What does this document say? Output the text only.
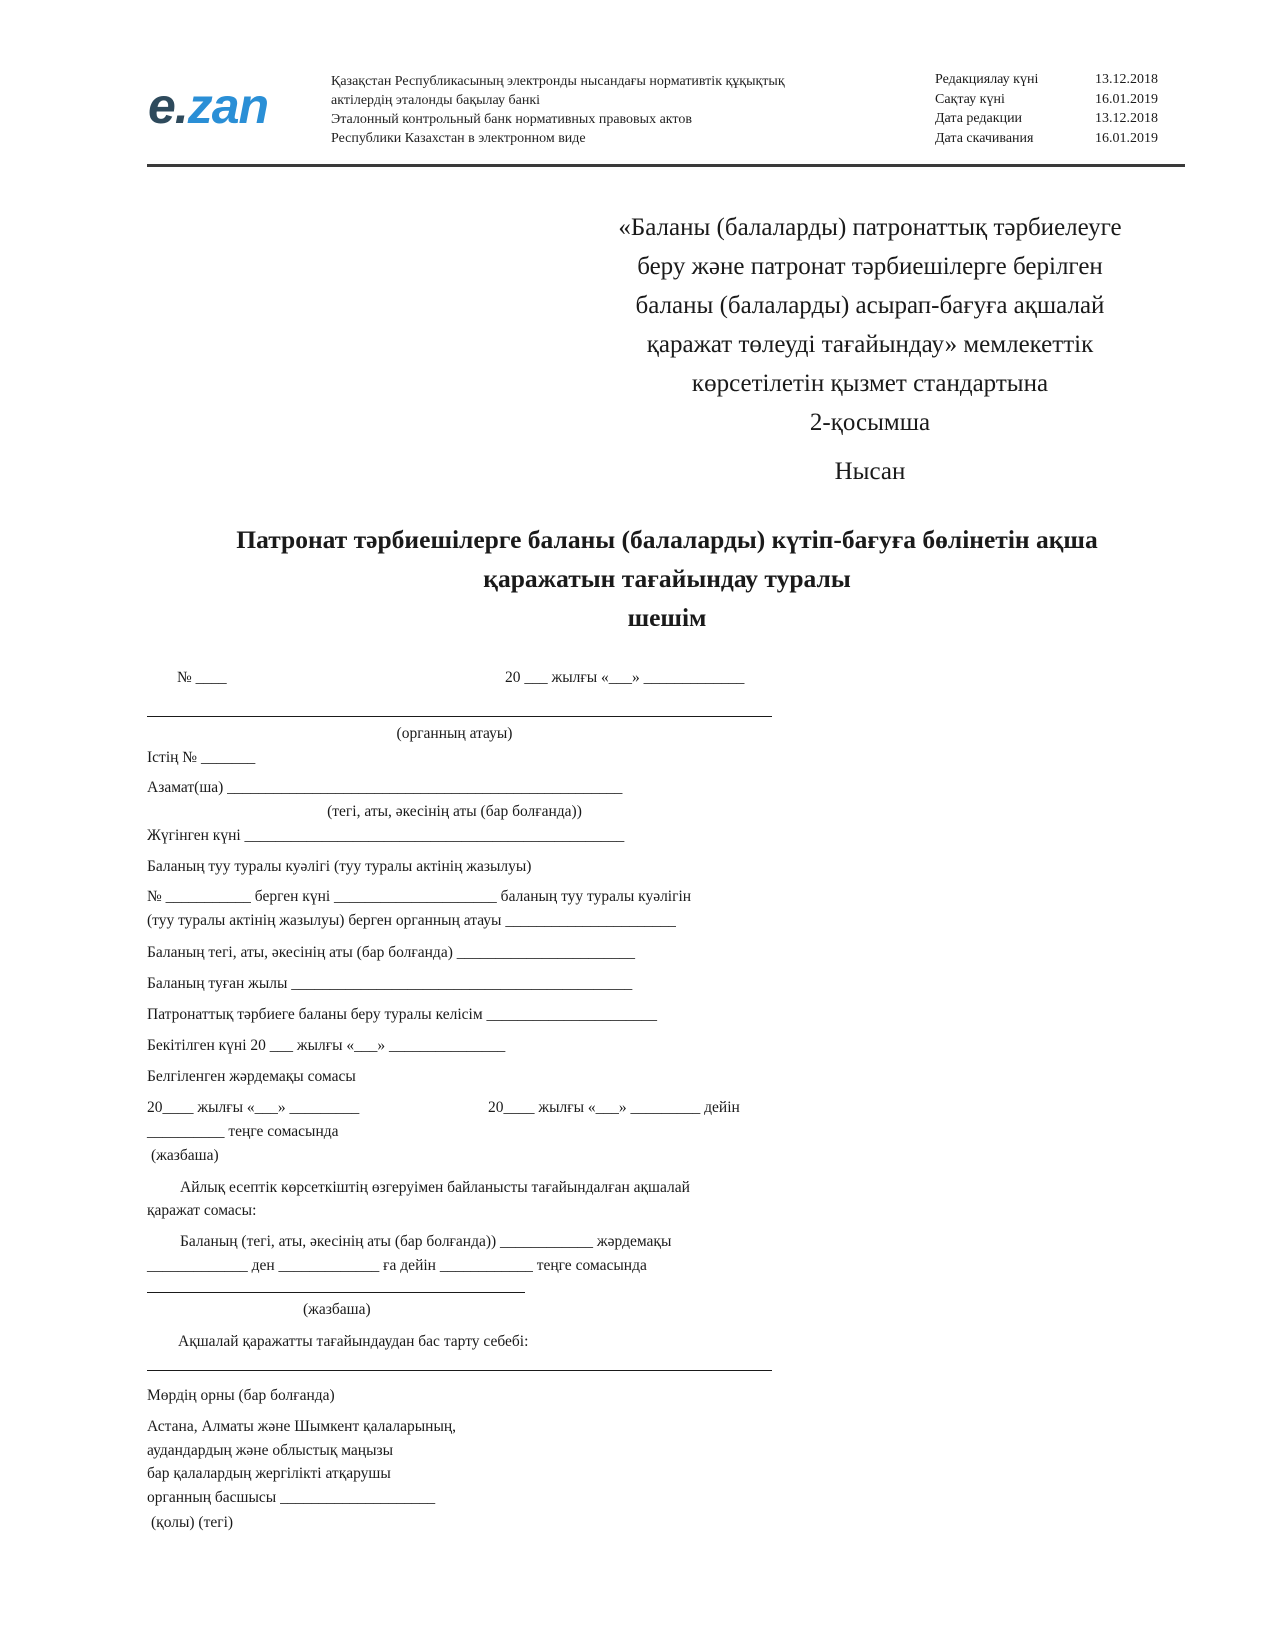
e.zan	Қазақстан Республикасының электронды нысандағы нормативтік құқықтық
актілердің эталонды бақылау банкі
Эталонный контрольный банк нормативных правовых актов
Республики Казахстан в электронном виде
Редакциялау күні	13.12.2018
Сақтау күні	16.01.2019
Дата редакции	13.12.2018
Дата скачивания	16.01.2019
«Баланы (балаларды) патронаттық тәрбиелеуге
беру және патронат тәрбиешілерге берілген
баланы (балаларды) асырап-бағуға ақшалай
қаражат төлеуді тағайындау» мемлекеттік
көрсетілетін қызмет стандартына
2-қосымша
Нысан
Патронат тәрбиешілерге баланы (балаларды) күтіп-бағуға бөлінетін ақша
қаражатын тағайындау туралы
шешім
№ ____	20 ___ жылғы «___» _____________
(органның атауы)
Істің № _______
Азамат(ша) ___________________________________________________
(тегі, аты, әкесінің аты (бар болғанда))
Жүгінген күні _________________________________________________
Баланың туу туралы куәлігі (туу туралы актінің жазылуы)
№ ___________ берген күні _____________________ баланың туу туралы куәлігін
(туу туралы актінің жазылуы) берген органның атауы ______________________
Баланың тегі, аты, әкесінің аты (бар болғанда) _______________________
Баланың туған жылы ____________________________________________
Патронаттық тәрбиеге баланы беру туралы келісім ______________________
Бекітілген күні 20 ___ жылғы «___» _______________
Белгіленген жәрдемақы сомасы
20____ жылғы «___» _________	20____ жылғы «___» _________ дейін
__________ теңге сомасында
(жазбаша)
Айлық есептік көрсеткіштің өзгеруімен байланысты тағайындалған ақшалай
қаражат сомасы:
Баланың (тегі, аты, әкесінің аты (бар болғанда)) ____________ жәрдемақы
_____________ ден _____________ ға дейін ____________ теңге сомасында
(жазбаша)
Ақшалай қаражатты тағайындаудан бас тарту себебі:
Мөрдің орны (бар болғанда)
Астана, Алматы және Шымкент қалаларының,
аудандардың және облыстық маңызы
бар қалалардың жергілікті атқарушы
органның басшысы ____________________
(қолы) (тегі)
